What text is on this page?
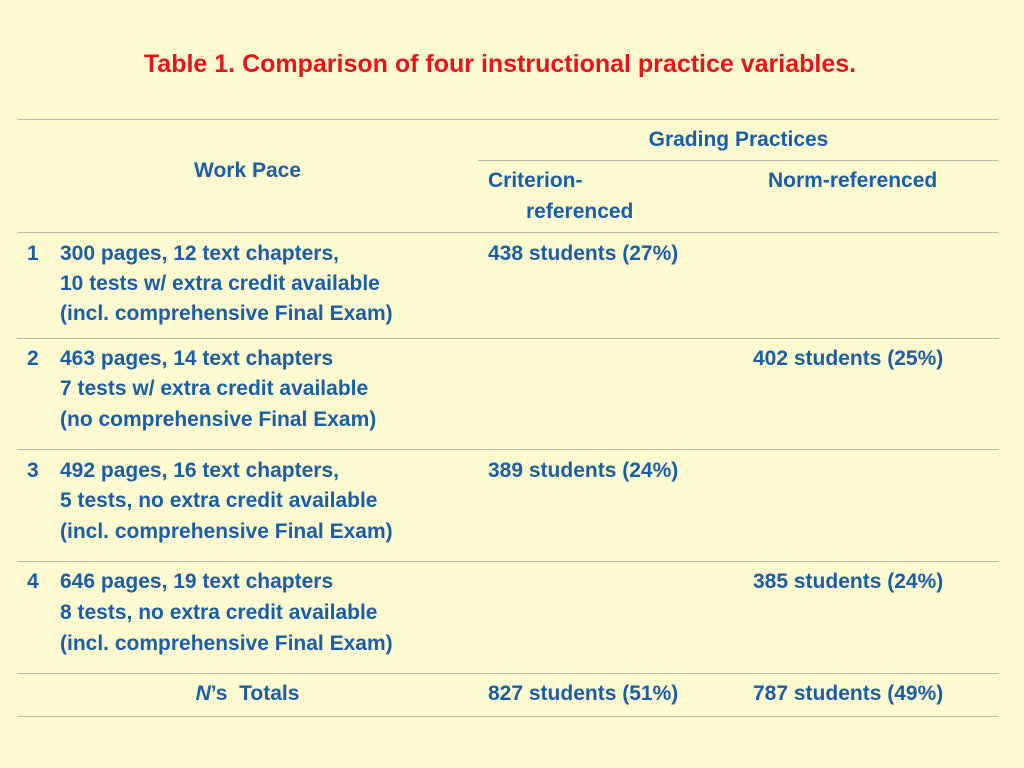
Table 1. Comparison of four instructional practice variables.
Work Pace
Grading Practices
Criterion-
referenced
Norm-referenced
1 300 pages, 12 text chapters,
10 tests w/ extra credit available
(incl. comprehensive Final Exam)
438 students (27%)
2 463 pages, 14 text chapters
7 tests w/ extra credit available
(no comprehensive Final Exam)
402 students (25%)
3 492 pages, 16 text chapters,
5 tests, no extra credit available
(incl. comprehensive Final Exam)
389 students (24%)
4 646 pages, 19 text chapters
8 tests, no extra credit available
(incl. comprehensive Final Exam)
385 students (24%)
N’s  Totals	827 students (51%)	787 students (49%)
